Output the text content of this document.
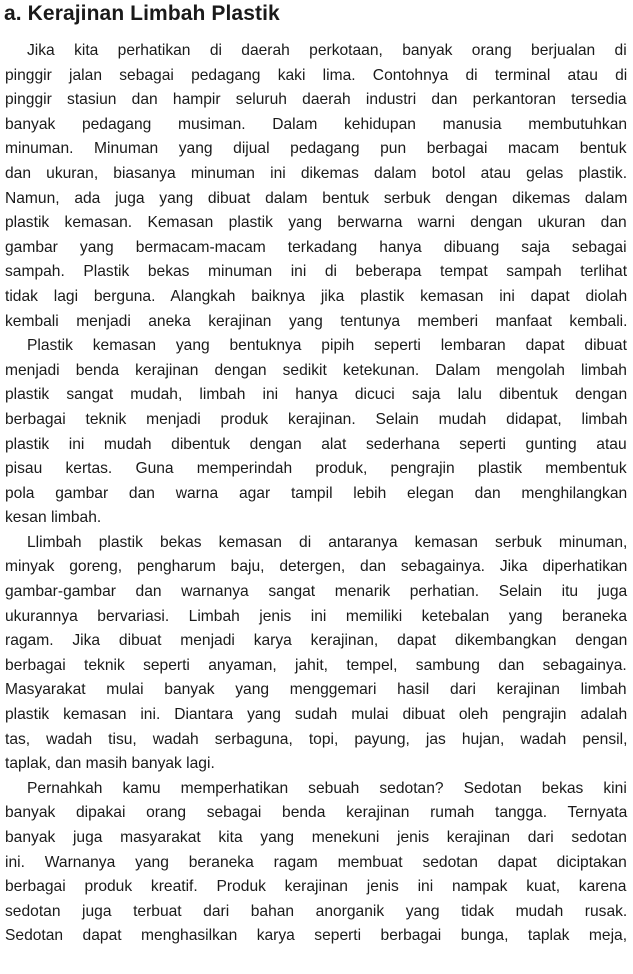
a. Kerajinan Limbah Plastik
Jika kita perhatikan di daerah perkotaan, banyak orang berjualan di
pinggir jalan sebagai pedagang kaki lima. Contohnya di terminal atau di
pinggir stasiun dan hampir seluruh daerah industri dan perkantoran tersedia
banyak pedagang musiman. Dalam kehidupan manusia membutuhkan
minuman. Minuman yang dijual pedagang pun berbagai macam bentuk
dan ukuran, biasanya minuman ini dikemas dalam botol atau gelas plastik.
Namun, ada juga yang dibuat dalam bentuk serbuk dengan dikemas dalam
plastik kemasan. Kemasan plastik yang berwarna warni dengan ukuran dan
gambar yang bermacam-macam terkadang hanya dibuang saja sebagai
sampah. Plastik bekas minuman ini di beberapa tempat sampah terlihat
tidak lagi berguna. Alangkah baiknya jika plastik kemasan ini dapat diolah
kembali menjadi aneka kerajinan yang tentunya memberi manfaat kembali.
Plastik kemasan yang bentuknya pipih seperti lembaran dapat dibuat
menjadi benda kerajinan dengan sedikit ketekunan. Dalam mengolah limbah
plastik sangat mudah, limbah ini hanya dicuci saja lalu dibentuk dengan
berbagai teknik menjadi produk kerajinan. Selain mudah didapat, limbah
plastik ini mudah dibentuk dengan alat sederhana seperti gunting atau
pisau kertas. Guna memperindah produk, pengrajin plastik membentuk
pola gambar dan warna agar tampil lebih elegan dan menghilangkan
kesan limbah.
Llimbah plastik bekas kemasan di antaranya kemasan serbuk minuman,
minyak goreng, pengharum baju, detergen, dan sebagainya. Jika diperhatikan
gambar-gambar dan warnanya sangat menarik perhatian. Selain itu juga
ukurannya bervariasi. Limbah jenis ini memiliki ketebalan yang beraneka
ragam. Jika dibuat menjadi karya kerajinan, dapat dikembangkan dengan
berbagai teknik seperti anyaman, jahit, tempel, sambung dan sebagainya.
Masyarakat mulai banyak yang menggemari hasil dari kerajinan limbah
plastik kemasan ini. Diantara yang sudah mulai dibuat oleh pengrajin adalah
tas, wadah tisu, wadah serbaguna, topi, payung, jas hujan, wadah pensil,
taplak, dan masih banyak lagi.
Pernahkah kamu memperhatikan sebuah sedotan? Sedotan bekas kini
banyak dipakai orang sebagai benda kerajinan rumah tangga. Ternyata
banyak juga masyarakat kita yang menekuni jenis kerajinan dari sedotan
ini. Warnanya yang beraneka ragam membuat sedotan dapat diciptakan
berbagai produk kreatif. Produk kerajinan jenis ini nampak kuat, karena
sedotan juga terbuat dari bahan anorganik yang tidak mudah rusak.
Sedotan dapat menghasilkan karya seperti berbagai bunga, taplak meja,
